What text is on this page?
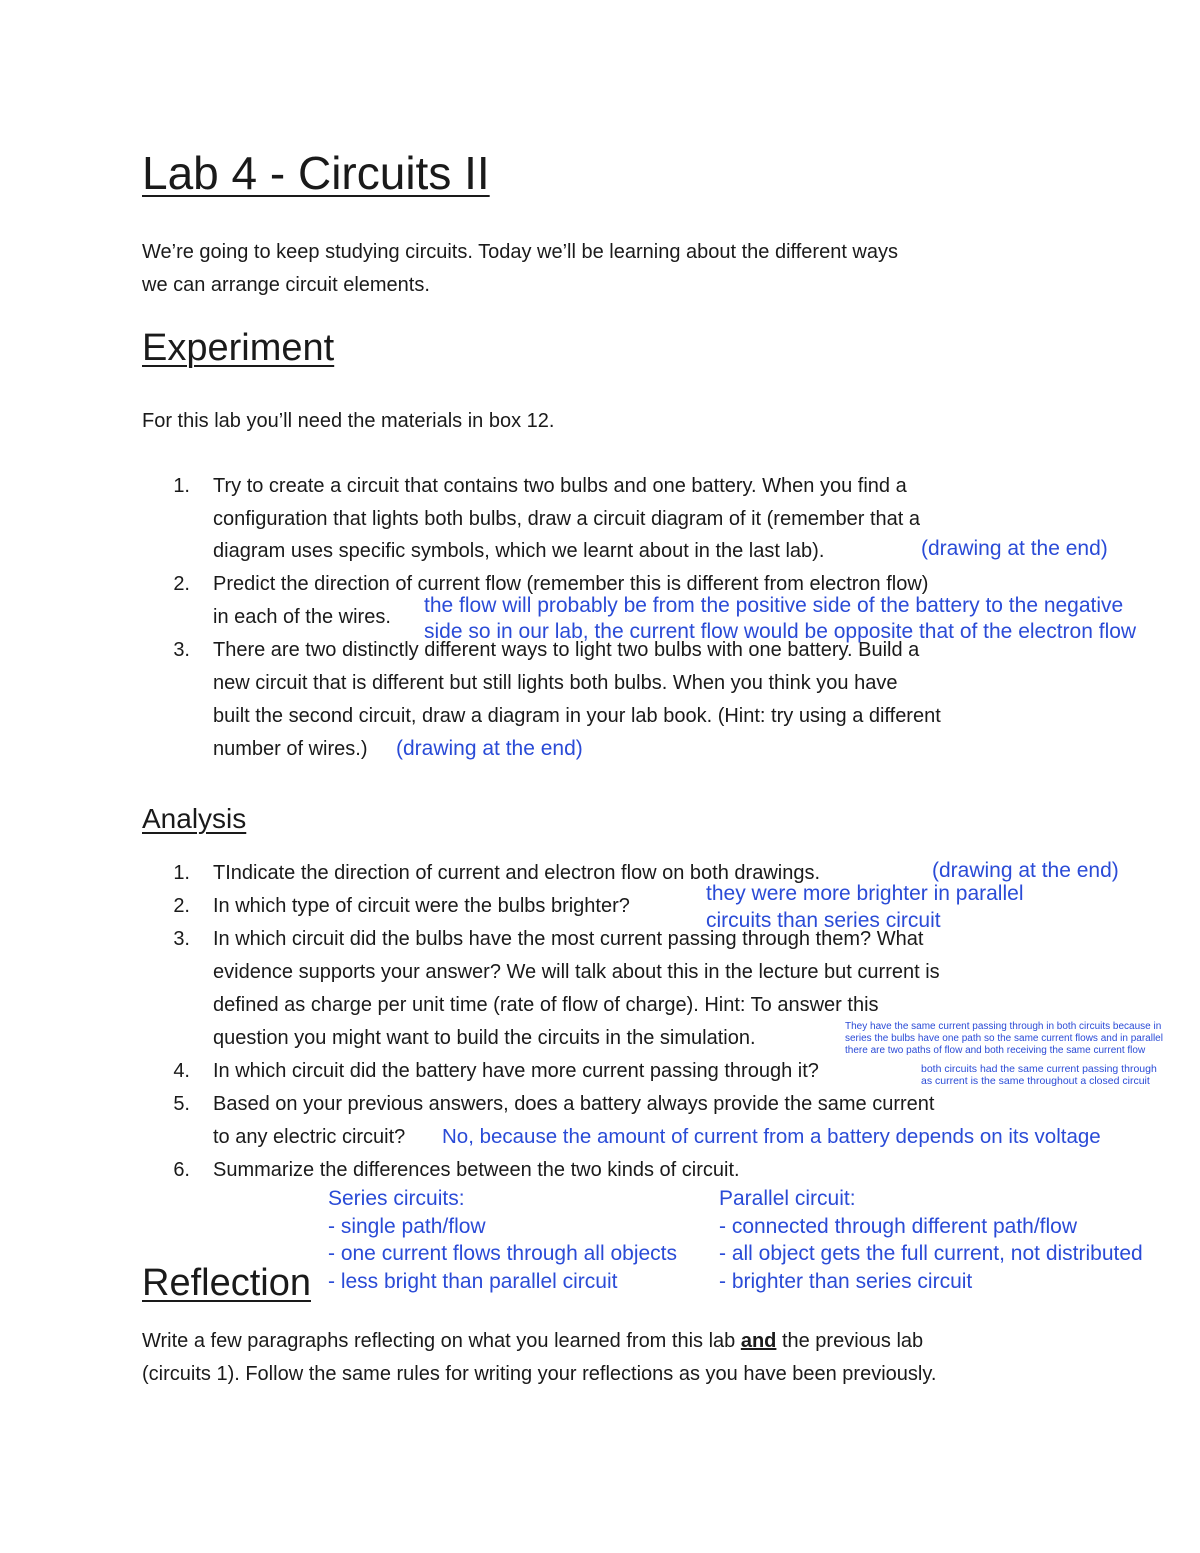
Lab 4 - Circuits II
We’re going to keep studying circuits. Today we’ll be learning about the different ways
we can arrange circuit elements.
Experiment
For this lab you’ll need the materials in box 12.
1. Try to create a circuit that contains two bulbs and one battery. When you find a
configuration that lights both bulbs, draw a circuit diagram of it (remember that a
diagram uses specific symbols, which we learnt about in the last lab).	(drawing at the end)
2. Predict the direction of current flow (remember this is different from electron flow)
in each of the wires. the flow will probably be from the positive side of the battery to the negative
side so in our lab, the current flow would be opposite that of the electron flow
3. There are two distinctly different ways to light two bulbs with one battery. Build a
new circuit that is different but still lights both bulbs. When you think you have
built the second circuit, draw a diagram in your lab book. (Hint: try using a different
number of wires.) (drawing at the end)
Analysis
1. TIndicate the direction of current and electron flow on both drawings.	(drawing at the end)
2. In which type of circuit were the bulbs brighter?
they were more brighter in parallel
circuits than series circuit
3. In which circuit did the bulbs have the most current passing through them? What
evidence supports your answer? We will talk about this in the lecture but current is
defined as charge per unit time (rate of flow of charge). Hint: To answer this
question you might want to build the circuits in the simulation.
They have the same current passing through in both circuits because in
series the bulbs have one path so the same current flows and in parallel
there are two paths of flow and both receiving the same current flow
4. In which circuit did the battery have more current passing through it?	both circuits had the same current passing through
as current is the same throughout a closed circuit
5. Based on your previous answers, does a battery always provide the same current
to any electric circuit? No, because the amount of current from a battery depends on its voltage
6. Summarize the differences between the two kinds of circuit.
Series circuits:
- single path/flow
- one current flows through all objects
- less bright than parallel circuit
Parallel circuit:
- connected through different path/flow
- all object gets the full current, not distributed
- brighter than series circuit
Reflection
Write a few paragraphs reflecting on what you learned from this lab and the previous lab
(circuits 1). Follow the same rules for writing your reflections as you have been previously.
